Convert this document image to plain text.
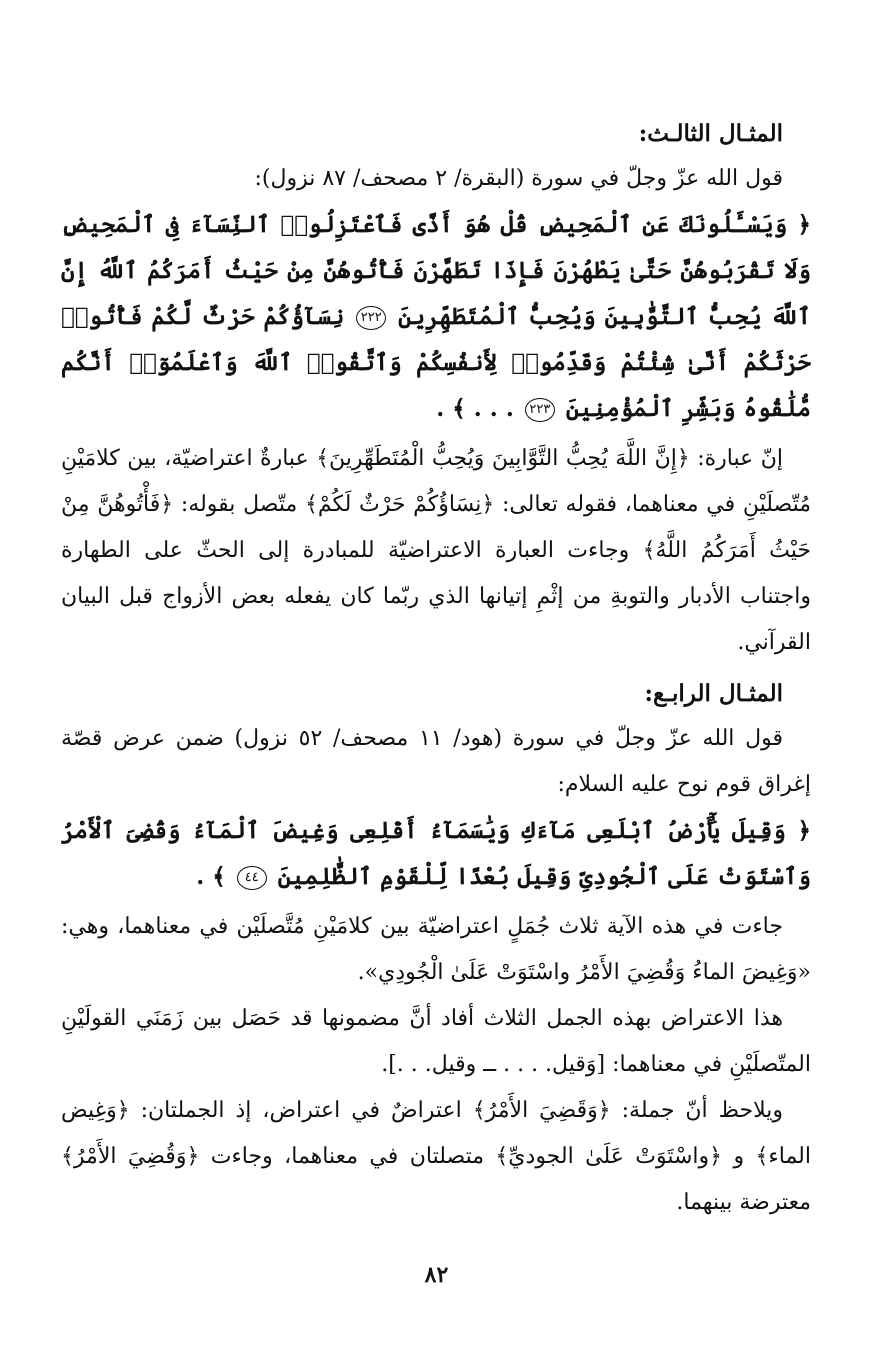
المثـال الثالـث:

قول الله عزّ وجلّ في سورة (البقرة/ ٢ مصحف/ ٨٧ نزول):

﴿ وَيَسْـَٔلُونَكَ عَنِ ٱلْمَحِيضِ قُلْ هُوَ أَذًى فَٱعْتَزِلُوا۟ ٱلنِّسَآءَ فِى ٱلْمَحِيضِ وَلَا تَقْرَبُوهُنَّ حَتَّىٰ يَطْهُرْنَ فَإِذَا تَطَهَّرْنَ فَأْتُوهُنَّ مِنْ حَيْثُ أَمَرَكُمُ ٱللَّهُ إِنَّ ٱللَّهَ يُحِبُّ ٱلتَّوَّٰبِينَ وَيُحِبُّ ٱلْمُتَطَهِّرِينَ ٢٢٢ نِسَآؤُكُمْ حَرْثٌ لَّكُمْ فَأْتُوا۟ حَرْثَكُمْ أَنَّىٰ شِئْتُمْ وَقَدِّمُوا۟ لِأَنفُسِكُمْ وَٱتَّقُوا۟ ٱللَّهَ وَٱعْلَمُوٓا۟ أَنَّكُم مُّلَٰقُوهُ وَبَشِّرِ ٱلْمُؤْمِنِينَ ٢٢٣ . . . ﴾ .

إنّ عبارة: ﴿إِنَّ اللَّهَ يُحِبُّ التَّوَّابِينَ وَيُحِبُّ الْمُتَطَهِّرِينَ﴾ عبارةٌ اعتراضيّة، بين كلامَيْنِ مُتّصلَيْنِ في معناهما، فقوله تعالى: ﴿نِسَاؤُكُمْ حَرْثٌ لَكُمْ﴾ متّصل بقوله: ﴿فَأْتُوهُنَّ مِنْ حَيْثُ أَمَرَكُمُ اللَّهُ﴾ وجاءت العبارة الاعتراضيّة للمبادرة إلى الحثّ على الطهارة واجتناب الأدبار والتوبةِ من إثْمِ إتيانها الذي ربّما كان يفعله بعض الأزواج قبل البيان القرآني.

المثـال الرابـع:

قول الله عزّ وجلّ في سورة (هود/ ١١ مصحف/ ٥٢ نزول) ضمن عرض قصّة إغراق قوم نوح عليه السلام:

﴿ وَقِيلَ يَٰٓأَرْضُ ٱبْلَعِى مَآءَكِ وَيَٰسَمَآءُ أَقْلِعِى وَغِيضَ ٱلْمَآءُ وَقُضِىَ ٱلْأَمْرُ وَٱسْتَوَتْ عَلَى ٱلْجُودِىِّ وَقِيلَ بُعْدًا لِّلْقَوْمِ ٱلظَّٰلِمِينَ ٤٤ ﴾ .

جاءت في هذه الآية ثلاث جُمَلٍ اعتراضيّة بين كلامَيْنِ مُتَّصلَيْن في معناهما، وهي: «وَغِيضَ الماءُ وَقُضِيَ الأَمْرُ واسْتَوَتْ عَلَىٰ الْجُودِي».

هذا الاعتراض بهذه الجمل الثلاث أفاد أنَّ مضمونها قد حَصَل بين زَمَنَي القولَيْنِ المتّصلَيْنِ في معناهما: [وَقيل. . . . ــ وقيل. . .].

ويلاحظ أنّ جملة: ﴿وَقَضِيَ الأَمْرُ﴾ اعتراضٌ في اعتراض، إذ الجملتان: ﴿وَغِيض الماء﴾ و ﴿واسْتَوَتْ عَلَىٰ الجوديِّ﴾ متصلتان في معناهما، وجاءت ﴿وَقُضِيَ الأَمْرُ﴾ معترضة بينهما.

٨٢
